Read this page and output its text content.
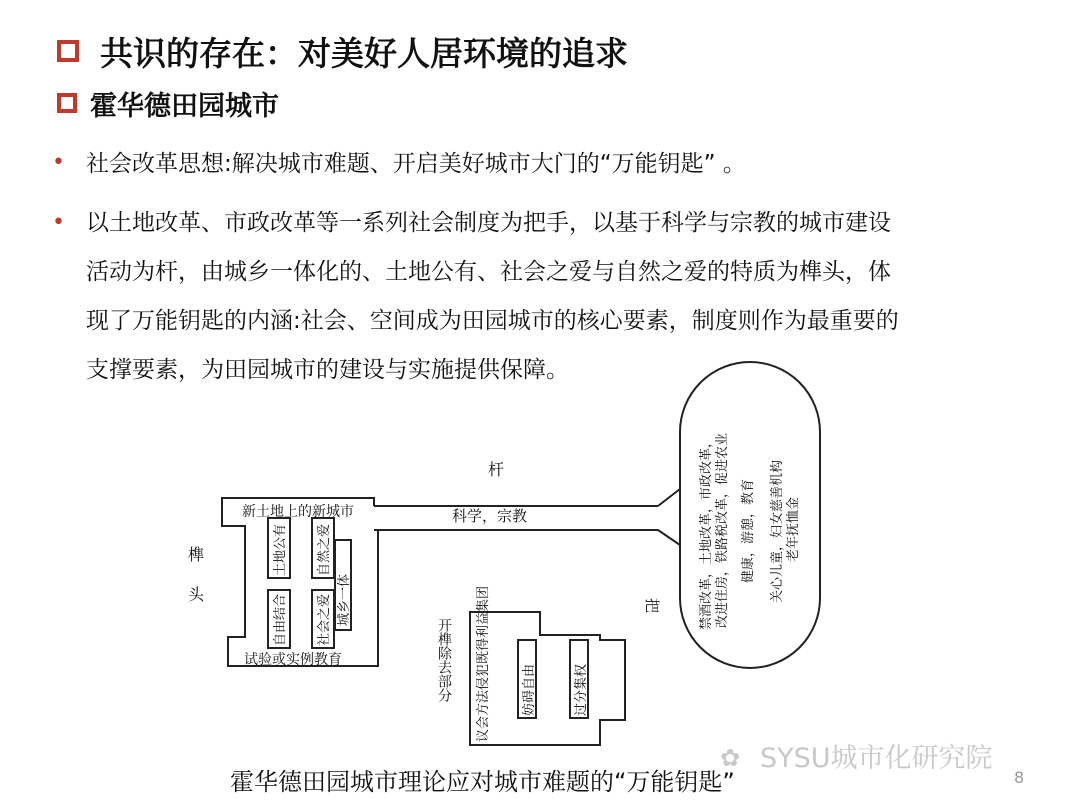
共识的存在：对美好人居环境的追求
霍华德田园城市
• 社会改革思想:解决城市难题、开启美好城市大门的“万能钥匙” 。
• 以土地改革、市政改革等一系列社会制度为把手，以基于科学与宗教的城市建设
活动为杆，由城乡一体化的、土地公有、社会之爱与自然之爱的特质为榫头，体
现了万能钥匙的内涵:社会、空间成为田园城市的核心要素，制度则作为最重要的
支撑要素，为田园城市的建设与实施提供保障。
杆
科学，宗教
榫
头
新土地上的新城市
试验或实例教育
土地公有 自然之爱
自由结合 社会之爱 城乡一体	把	禁酒改革，土地改革，市政改革， 改进住房，铁路税改革，促进农业 健康，游憩，教育 关心儿童，妇女慈善机构 老年抚恤金
议会方法侵犯既得利益集团 妨碍自由	过分集权
开榫除去部分
霍华德田园城市理论应对城市难题的“万能钥匙”
✿ SYSU城市化研究院
8
